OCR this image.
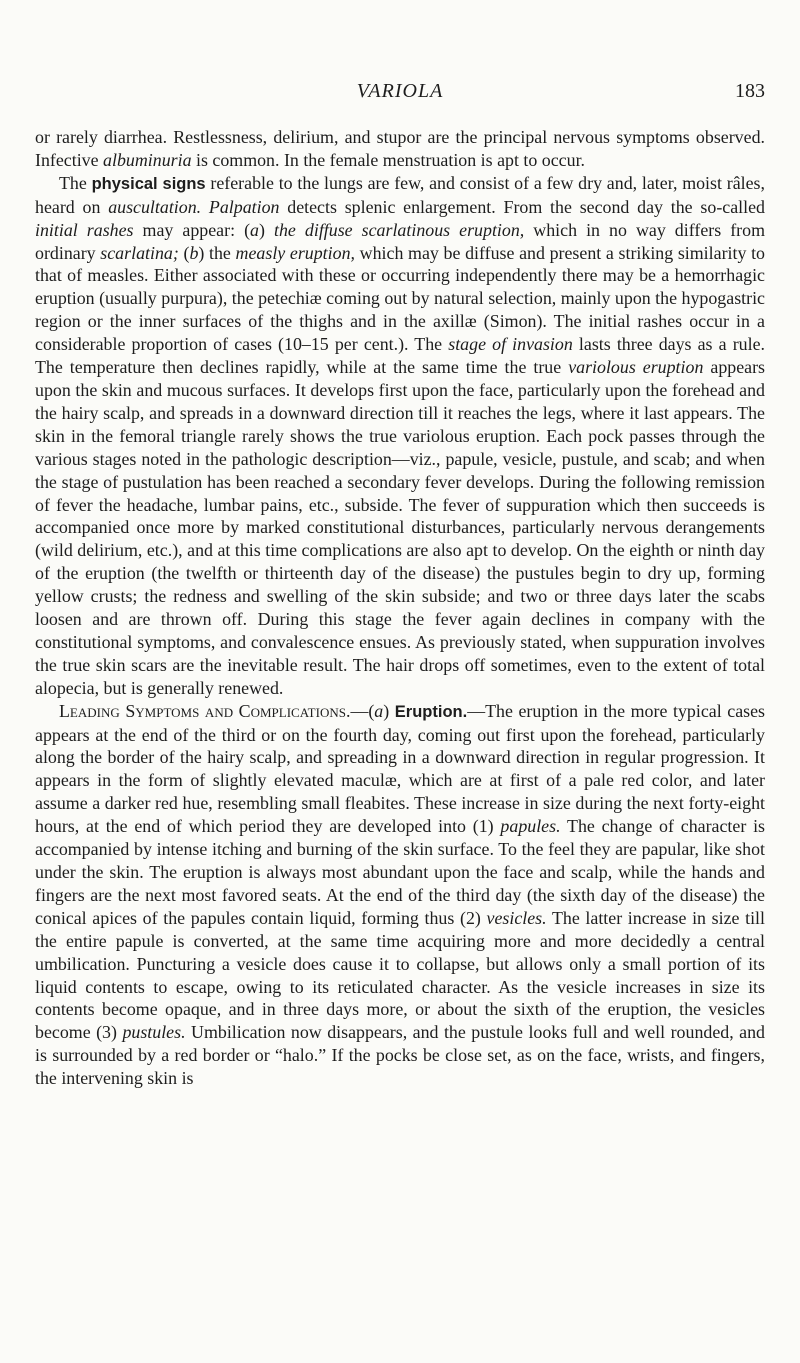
VARIOLA	183

or rarely diarrhea. Restlessness, delirium, and stupor are the principal nervous symptoms observed. Infective albuminuria is common. In the female menstruation is apt to occur.

The physical signs referable to the lungs are few, and consist of a few dry and, later, moist râles, heard on auscultation. Palpation detects splenic enlargement. From the second day the so-called initial rashes may appear: (a) the diffuse scarlatinous eruption, which in no way differs from ordinary scarlatina; (b) the measly eruption, which may be diffuse and present a striking similarity to that of measles. Either associated with these or occurring independently there may be a hemorrhagic eruption (usually purpura), the petechiæ coming out by natural selection, mainly upon the hypogastric region or the inner surfaces of the thighs and in the axillæ (Simon). The initial rashes occur in a considerable proportion of cases (10–15 per cent.). The stage of invasion lasts three days as a rule. The temperature then declines rapidly, while at the same time the true variolous eruption appears upon the skin and mucous surfaces. It develops first upon the face, particularly upon the forehead and the hairy scalp, and spreads in a downward direction till it reaches the legs, where it last appears. The skin in the femoral triangle rarely shows the true variolous eruption. Each pock passes through the various stages noted in the pathologic description—viz., papule, vesicle, pustule, and scab; and when the stage of pustulation has been reached a secondary fever develops. During the following remission of fever the headache, lumbar pains, etc., subside. The fever of suppuration which then succeeds is accompanied once more by marked constitutional disturbances, particularly nervous derangements (wild delirium, etc.), and at this time complications are also apt to develop. On the eighth or ninth day of the eruption (the twelfth or thirteenth day of the disease) the pustules begin to dry up, forming yellow crusts; the redness and swelling of the skin subside; and two or three days later the scabs loosen and are thrown off. During this stage the fever again declines in company with the constitutional symptoms, and convalescence ensues. As previously stated, when suppuration involves the true skin scars are the inevitable result. The hair drops off sometimes, even to the extent of total alopecia, but is generally renewed.

Leading Symptoms and Complications.—(a) Eruption.—The eruption in the more typical cases appears at the end of the third or on the fourth day, coming out first upon the forehead, particularly along the border of the hairy scalp, and spreading in a downward direction in regular progression. It appears in the form of slightly elevated maculæ, which are at first of a pale red color, and later assume a darker red hue, resembling small fleabites. These increase in size during the next forty-eight hours, at the end of which period they are developed into (1) papules. The change of character is accompanied by intense itching and burning of the skin surface. To the feel they are papular, like shot under the skin. The eruption is always most abundant upon the face and scalp, while the hands and fingers are the next most favored seats. At the end of the third day (the sixth day of the disease) the conical apices of the papules contain liquid, forming thus (2) vesicles. The latter increase in size till the entire papule is converted, at the same time acquiring more and more decidedly a central umbilication. Puncturing a vesicle does cause it to collapse, but allows only a small portion of its liquid contents to escape, owing to its reticulated character. As the vesicle increases in size its contents become opaque, and in three days more, or about the sixth of the eruption, the vesicles become (3) pustules. Umbilication now disappears, and the pustule looks full and well rounded, and is surrounded by a red border or “halo.” If the pocks be close set, as on the face, wrists, and fingers, the intervening skin is
